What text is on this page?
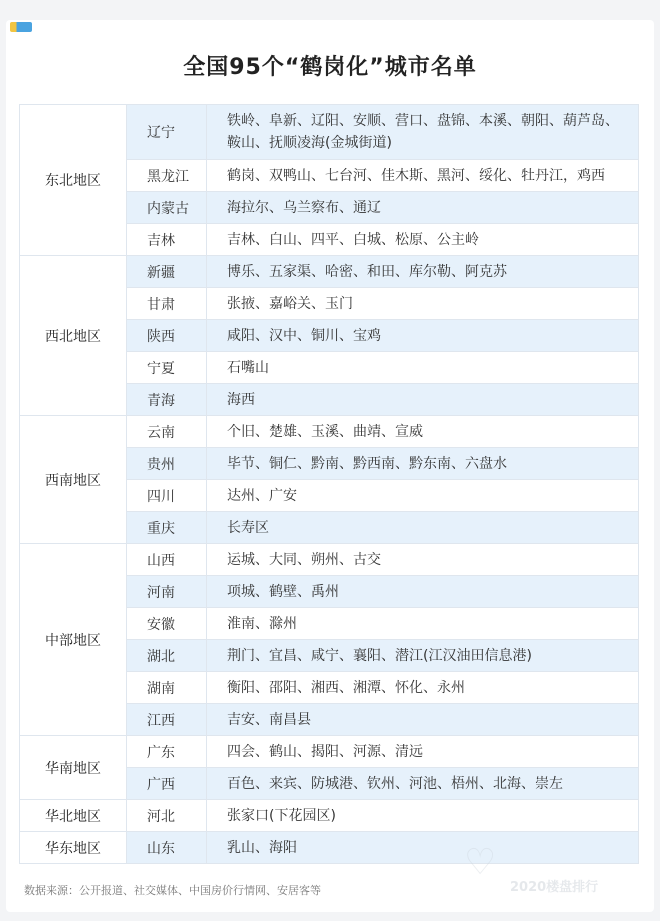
全国95个“鹤岗化”城市名单
东北地区	辽宁	铁岭、阜新、辽阳、安顺、营口、盘锦、本溪、朝阳、葫芦岛、鞍山、抚顺凌海(金城街道)
	黑龙江	鹤岗、双鸭山、七台河、佳木斯、黑河、绥化、牡丹江，鸡西
	内蒙古	海拉尔、乌兰察布、通辽
	吉林	吉林、白山、四平、白城、松原、公主岭
西北地区	新疆	博乐、五家渠、哈密、和田、库尔勒、阿克苏
	甘肃	张掖、嘉峪关、玉门
	陕西	咸阳、汉中、铜川、宝鸡
	宁夏	石嘴山
	青海	海西
西南地区	云南	个旧、楚雄、玉溪、曲靖、宣威
	贵州	毕节、铜仁、黔南、黔西南、黔东南、六盘水
	四川	达州、广安
	重庆	长寿区
中部地区	山西	运城、大同、朔州、古交
	河南	项城、鹤壁、禹州
	安徽	淮南、滁州
	湖北	荆门、宜昌、咸宁、襄阳、潜江(江汉油田信息港)
	湖南	衡阳、邵阳、湘西、湘潭、怀化、永州
	江西	吉安、南昌县
华南地区	广东	四会、鹤山、揭阳、河源、清远
	广西	百色、来宾、防城港、钦州、河池、梧州、北海、崇左
华北地区	河北	张家口(下花园区)
华东地区	山东	乳山、海阳
数据来源：公开报道、社交媒体、中国房价行情网、安居客等
♡
2020楼盘排行
